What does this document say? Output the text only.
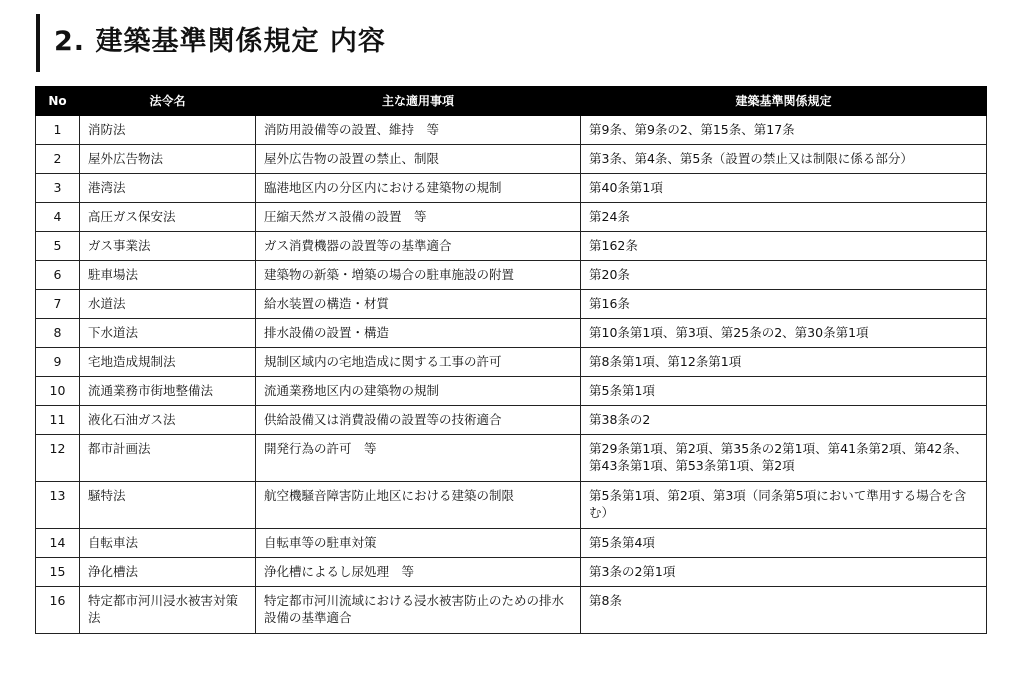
2. 建築基準関係規定 内容
No	法令名	主な適用事項	建築基準関係規定
1	消防法	消防用設備等の設置、維持　等	第9条、第9条の2、第15条、第17条
2	屋外広告物法	屋外広告物の設置の禁止、制限	第3条、第4条、第5条（設置の禁止又は制限に係る部分）
3	港湾法	臨港地区内の分区内における建築物の規制	第40条第1項
4	高圧ガス保安法	圧縮天然ガス設備の設置　等	第24条
5	ガス事業法	ガス消費機器の設置等の基準適合	第162条
6	駐車場法	建築物の新築・増築の場合の駐車施設の附置	第20条
7	水道法	給水装置の構造・材質	第16条
8	下水道法	排水設備の設置・構造	第10条第1項、第3項、第25条の2、第30条第1項
9	宅地造成規制法	規制区域内の宅地造成に関する工事の許可	第8条第1項、第12条第1項
10	流通業務市街地整備法	流通業務地区内の建築物の規制	第5条第1項
11	液化石油ガス法	供給設備又は消費設備の設置等の技術適合	第38条の2
12	都市計画法	開発行為の許可　等	第29条第1項、第2項、第35条の2第1項、第41条第2項、第42条、第43条第1項、第53条第1項、第2項
13	騒特法	航空機騒音障害防止地区における建築の制限	第5条第1項、第2項、第3項（同条第5項において準用する場合を含む）
14	自転車法	自転車等の駐車対策	第5条第4項
15	浄化槽法	浄化槽によるし尿処理　等	第3条の2第1項
16	特定都市河川浸水被害対策法	特定都市河川流域における浸水被害防止のための排水設備の基準適合	第8条
